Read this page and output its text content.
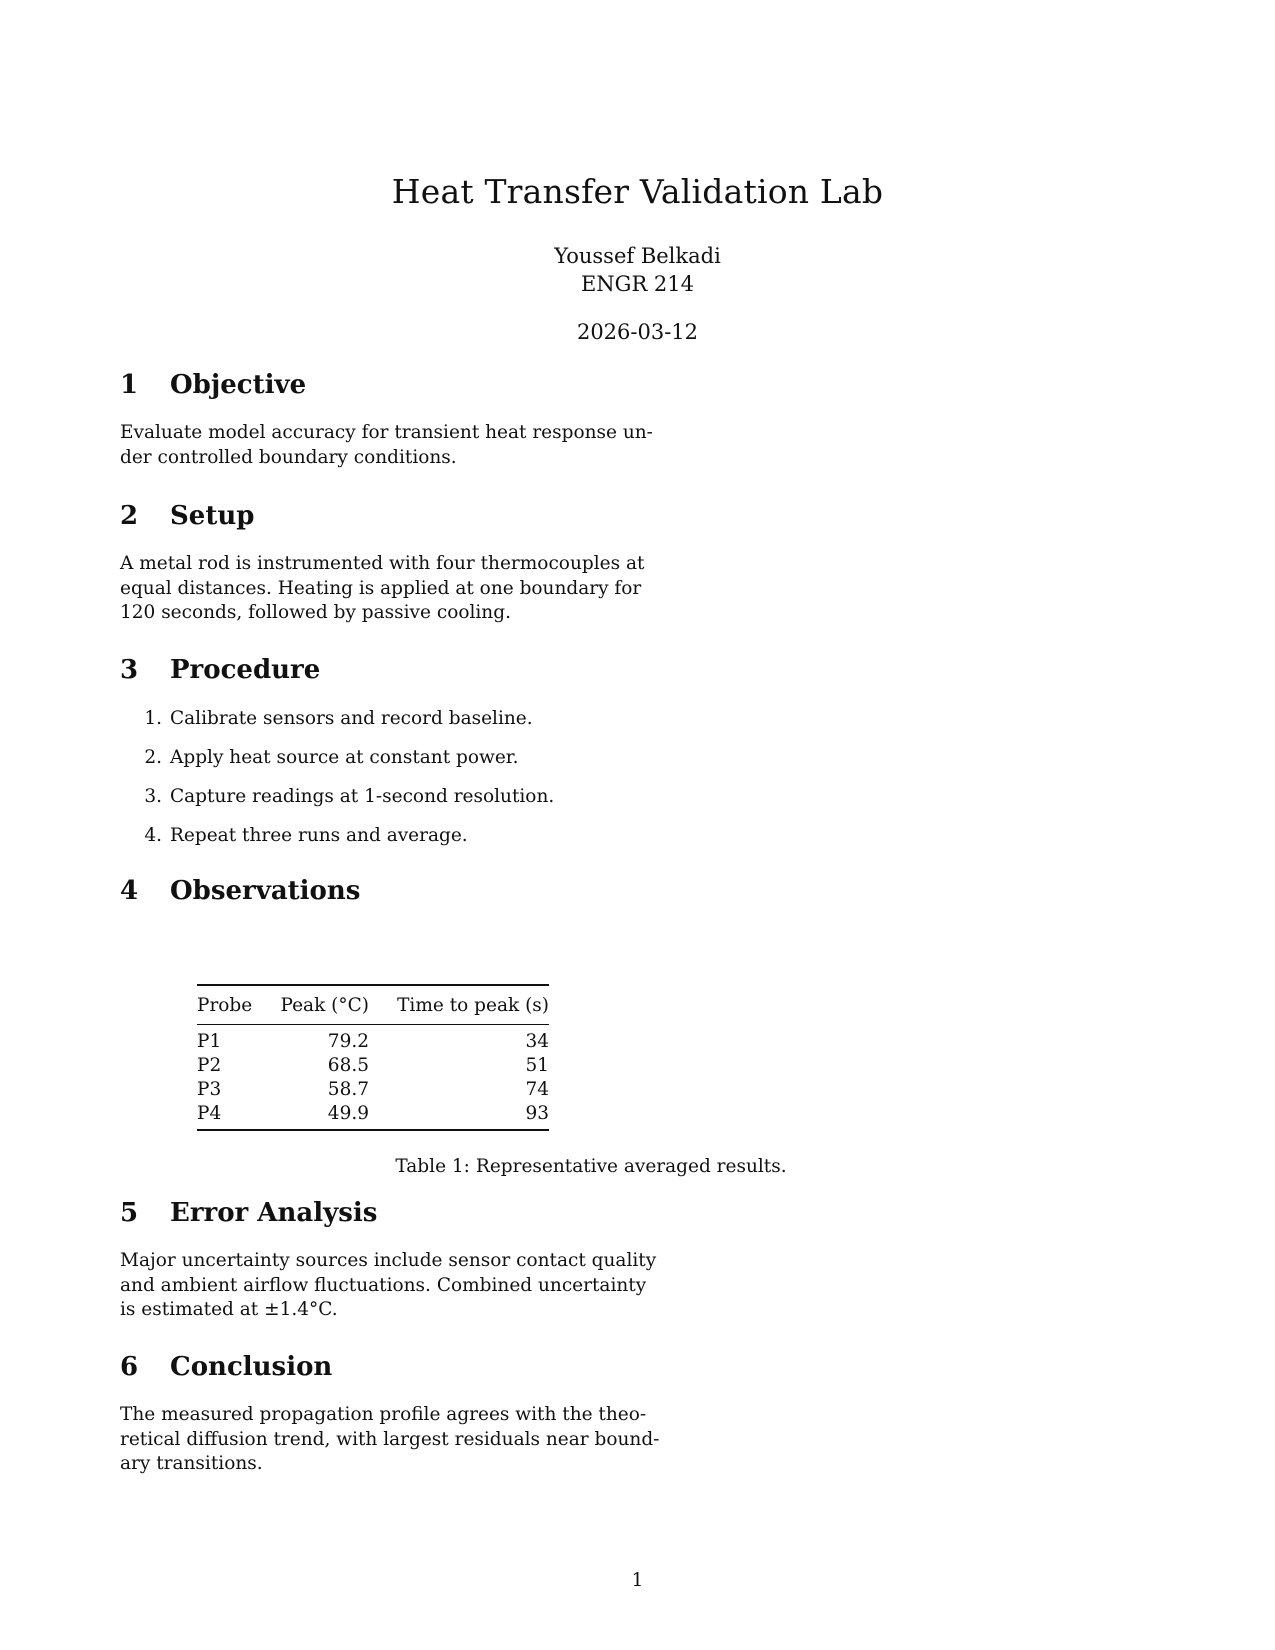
Heat Transfer Validation Lab
Youssef Belkadi
ENGR 214
2026-03-12
1 Objective
Evaluate model accuracy for transient heat response un-
der controlled boundary conditions.
2 Setup
A metal rod is instrumented with four thermocouples at
equal distances. Heating is applied at one boundary for
120 seconds, followed by passive cooling.
3 Procedure
1. Calibrate sensors and record baseline.
2. Apply heat source at constant power.
3. Capture readings at 1-second resolution.
4. Repeat three runs and average.
4 Observations
Probe	Peak (°C)	Time to peak (s)
P1	79.2	34
P2	68.5	51
P3	58.7	74
P4	49.9	93
Table 1: Representative averaged results.
5 Error Analysis
Major uncertainty sources include sensor contact quality
and ambient airflow fluctuations. Combined uncertainty
is estimated at ±1.4°C.
6 Conclusion
The measured propagation profile agrees with the theo-
retical diffusion trend, with largest residuals near bound-
ary transitions.
1
